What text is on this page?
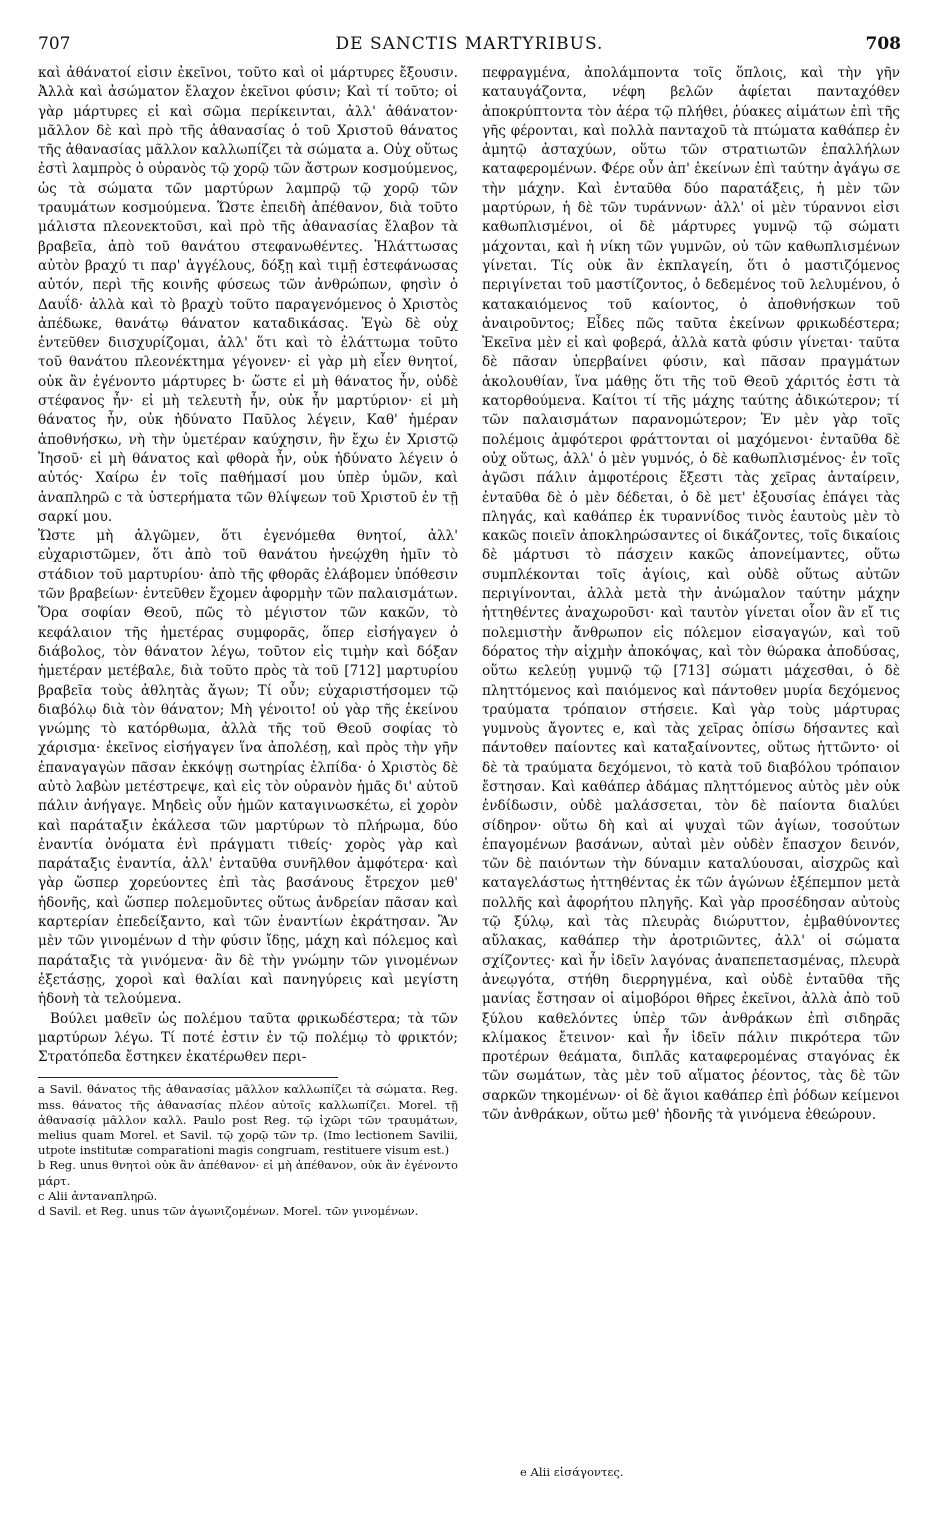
707	DE SANCTIS MARTYRIBUS.	708

καὶ ἀθάνατοί εἰσιν ἐκεῖνοι, τοῦτο καὶ οἱ μάρτυρες ἔξουσιν. Ἀλλὰ καὶ ἀσώματον ἔλαχον ἐκεῖνοι φύσιν; Καὶ τί τοῦτο; οἱ γὰρ μάρτυρες εἰ καὶ σῶμα περίκεινται, ἀλλ' ἀθάνατον· μᾶλλον δὲ καὶ πρὸ τῆς ἀθανασίας ὁ τοῦ Χριστοῦ θάνατος τῆς ἀθανασίας μᾶλλον καλλωπίζει τὰ σώματα a. Οὐχ οὕτως ἐστὶ λαμπρὸς ὁ οὐρανὸς τῷ χορῷ τῶν ἄστρων κοσμούμενος, ὡς τὰ σώματα τῶν μαρτύρων λαμπρῷ τῷ χορῷ τῶν τραυμάτων κοσμούμενα. Ὥστε ἐπειδὴ ἀπέθανον, διὰ τοῦτο μάλιστα πλεονεκτοῦσι, καὶ πρὸ τῆς ἀθανασίας ἔλαβον τὰ βραβεῖα, ἀπὸ τοῦ θανάτου στεφανωθέντες. Ἠλάττωσας αὐτὸν βραχύ τι παρ' ἀγγέλους, δόξῃ καὶ τιμῇ ἐστεφάνωσας αὐτόν, περὶ τῆς κοινῆς φύσεως τῶν ἀνθρώπων, φησὶν ὁ Δαυΐδ· ἀλλὰ καὶ τὸ βραχὺ τοῦτο παραγενόμενος ὁ Χριστὸς ἀπέδωκε, θανάτῳ θάνατον καταδικάσας. Ἐγὼ δὲ οὐχ ἐντεῦθεν διισχυρίζομαι, ἀλλ' ὅτι καὶ τὸ ἐλάττωμα τοῦτο τοῦ θανάτου πλεονέκτημα γέγονεν· εἰ γὰρ μὴ εἶεν θνητοί, οὐκ ἂν ἐγένοντο μάρτυρες b· ὥστε εἰ μὴ θάνατος ἦν, οὐδὲ στέφανος ἦν· εἰ μὴ τελευτὴ ἦν, οὐκ ἦν μαρτύριον· εἰ μὴ θάνατος ἦν, οὐκ ἠδύνατο Παῦλος λέγειν, Καθ' ἡμέραν ἀποθνήσκω, νὴ τὴν ὑμετέραν καύχησιν, ἣν ἔχω ἐν Χριστῷ Ἰησοῦ· εἰ μὴ θάνατος καὶ φθορὰ ἦν, οὐκ ἠδύνατο λέγειν ὁ αὐτός· Χαίρω ἐν τοῖς παθήμασί μου ὑπὲρ ὑμῶν, καὶ ἀναπληρῶ c τὰ ὑστερήματα τῶν θλίψεων τοῦ Χριστοῦ ἐν τῇ σαρκί μου.

Ὥστε μὴ ἀλγῶμεν, ὅτι ἐγενόμεθα θνητοί, ἀλλ' εὐχαριστῶμεν, ὅτι ἀπὸ τοῦ θανάτου ἠνεῴχθη ἡμῖν τὸ στάδιον τοῦ μαρτυρίου· ἀπὸ τῆς φθορᾶς ἐλάβομεν ὑπόθεσιν τῶν βραβείων· ἐντεῦθεν ἔχομεν ἀφορμὴν τῶν παλαισμάτων. Ὅρα σοφίαν Θεοῦ, πῶς τὸ μέγιστον τῶν κακῶν, τὸ κεφάλαιον τῆς ἡμετέρας συμφορᾶς, ὅπερ εἰσήγαγεν ὁ διάβολος, τὸν θάνατον λέγω, τοῦτον εἰς τιμὴν καὶ δόξαν ἡμετέραν μετέβαλε, διὰ τοῦτο πρὸς τὰ τοῦ [712] μαρτυρίου βραβεῖα τοὺς ἀθλητὰς ἄγων; Τί οὖν; εὐχαριστήσομεν τῷ διαβόλῳ διὰ τὸν θάνατον; Μὴ γένοιτο! οὐ γὰρ τῆς ἐκείνου γνώμης τὸ κατόρθωμα, ἀλλὰ τῆς τοῦ Θεοῦ σοφίας τὸ χάρισμα· ἐκεῖνος εἰσήγαγεν ἵνα ἀπολέσῃ, καὶ πρὸς τὴν γῆν ἐπαναγαγὼν πᾶσαν ἐκκόψῃ σωτηρίας ἐλπίδα· ὁ Χριστὸς δὲ αὐτὸ λαβὼν μετέστρεψε, καὶ εἰς τὸν οὐρανὸν ἡμᾶς δι' αὐτοῦ πάλιν ἀνήγαγε. Μηδεὶς οὖν ἡμῶν καταγινωσκέτω, εἰ χορὸν καὶ παράταξιν ἐκάλεσα τῶν μαρτύρων τὸ πλήρωμα, δύο ἐναντία ὀνόματα ἐνὶ πράγματι τιθείς· χορὸς γὰρ καὶ παράταξις ἐναντία, ἀλλ' ἐνταῦθα συνῆλθον ἀμφότερα· καὶ γὰρ ὥσπερ χορεύοντες ἐπὶ τὰς βασάνους ἔτρεχον μεθ' ἡδονῆς, καὶ ὥσπερ πολεμοῦντες οὕτως ἀνδρείαν πᾶσαν καὶ καρτερίαν ἐπεδείξαντο, καὶ τῶν ἐναντίων ἐκράτησαν. Ἂν μὲν τῶν γινομένων d τὴν φύσιν ἴδῃς, μάχη καὶ πόλεμος καὶ παράταξις τὰ γινόμενα· ἂν δὲ τὴν γνώμην τῶν γινομένων ἐξετάσῃς, χοροὶ καὶ θαλίαι καὶ πανηγύρεις καὶ μεγίστη ἡδονὴ τὰ τελούμενα.

Βούλει μαθεῖν ὡς πολέμου ταῦτα φρικωδέστερα; τὰ τῶν μαρτύρων λέγω. Τί ποτέ ἐστιν ἐν τῷ πολέμῳ τὸ φρικτόν; Στρατόπεδα ἔστηκεν ἑκατέρωθεν περι-

a Savil. θάνατος τῆς ἀθανασίας μᾶλλον καλλωπίζει τὰ σώματα. Reg. mss. θάνατος τῆς ἀθανασίας πλέον αὐτοῖς καλλωπίζει. Morel. τῇ ἀθανασίᾳ μᾶλλον καλλ. Paulo post Reg. τῷ ἰχῶρι τῶν τραυμάτων, melius quam Morel. et Savil. τῷ χορῷ τῶν τρ. (Imo lectionem Savilii, utpote institutæ comparationi magis congruam, restituere visum est.)

b Reg. unus θνητοὶ οὐκ ἂν ἀπέθανον· εἰ μὴ ἀπέθανον, οὐκ ἂν ἐγένοντο μάρτ.

c Alii ἀνταναπληρῶ.

d Savil. et Reg. unus τῶν ἀγωνιζομένων. Morel. τῶν γινομένων.

πεφραγμένα, ἀπολάμποντα τοῖς ὅπλοις, καὶ τὴν γῆν καταυγάζοντα, νέφη βελῶν ἀφίεται πανταχόθεν ἀποκρύπτοντα τὸν ἀέρα τῷ πλήθει, ῥύακες αἱμάτων ἐπὶ τῆς γῆς φέρονται, καὶ πολλὰ πανταχοῦ τὰ πτώματα καθάπερ ἐν ἀμητῷ ἀσταχύων, οὕτω τῶν στρατιωτῶν ἐπαλλήλων καταφερομένων. Φέρε οὖν ἀπ' ἐκείνων ἐπὶ ταύτην ἀγάγω σε τὴν μάχην. Καὶ ἐνταῦθα δύο παρατάξεις, ἡ μὲν τῶν μαρτύρων, ἡ δὲ τῶν τυράννων· ἀλλ' οἱ μὲν τύραννοι εἰσι καθωπλισμένοι, οἱ δὲ μάρτυρες γυμνῷ τῷ σώματι μάχονται, καὶ ἡ νίκη τῶν γυμνῶν, οὐ τῶν καθωπλισμένων γίνεται. Τίς οὐκ ἂν ἐκπλαγείη, ὅτι ὁ μαστιζόμενος περιγίνεται τοῦ μαστίζοντος, ὁ δεδεμένος τοῦ λελυμένου, ὁ κατακαιόμενος τοῦ καίοντος, ὁ ἀποθνήσκων τοῦ ἀναιροῦντος; Εἶδες πῶς ταῦτα ἐκείνων φρικωδέστερα; Ἐκεῖνα μὲν εἰ καὶ φοβερά, ἀλλὰ κατὰ φύσιν γίνεται· ταῦτα δὲ πᾶσαν ὑπερβαίνει φύσιν, καὶ πᾶσαν πραγμάτων ἀκολουθίαν, ἵνα μάθῃς ὅτι τῆς τοῦ Θεοῦ χάριτός ἐστι τὰ κατορθούμενα. Καίτοι τί τῆς μάχης ταύτης ἀδικώτερον; τί τῶν παλαισμάτων παρανομώτερον; Ἐν μὲν γὰρ τοῖς πολέμοις ἀμφότεροι φράττονται οἱ μαχόμενοι· ἐνταῦθα δὲ οὐχ οὕτως, ἀλλ' ὁ μὲν γυμνός, ὁ δὲ καθωπλισμένος· ἐν τοῖς ἀγῶσι πάλιν ἀμφοτέροις ἔξεστι τὰς χεῖρας ἀνταίρειν, ἐνταῦθα δὲ ὁ μὲν δέδεται, ὁ δὲ μετ' ἐξουσίας ἐπάγει τὰς πληγάς, καὶ καθάπερ ἐκ τυραννίδος τινὸς ἑαυτοὺς μὲν τὸ κακῶς ποιεῖν ἀποκληρώσαντες οἱ δικάζοντες, τοῖς δικαίοις δὲ μάρτυσι τὸ πάσχειν κακῶς ἀπονείμαντες, οὕτω συμπλέκονται τοῖς ἁγίοις, καὶ οὐδὲ οὕτως αὐτῶν περιγίνονται, ἀλλὰ μετὰ τὴν ἀνώμαλον ταύτην μάχην ἡττηθέντες ἀναχωροῦσι· καὶ ταυτὸν γίνεται οἷον ἂν εἴ τις πολεμιστὴν ἄνθρωπον εἰς πόλεμον εἰσαγαγών, καὶ τοῦ δόρατος τὴν αἰχμὴν ἀποκόψας, καὶ τὸν θώρακα ἀποδύσας, οὕτω κελεύῃ γυμνῷ τῷ [713] σώματι μάχεσθαι, ὁ δὲ πληττόμενος καὶ παιόμενος καὶ πάντοθεν μυρία δεχόμενος τραύματα τρόπαιον στήσειε. Καὶ γὰρ τοὺς μάρτυρας γυμνοὺς ἄγοντες e, καὶ τὰς χεῖρας ὀπίσω δήσαντες καὶ πάντοθεν παίοντες καὶ καταξαίνοντες, οὕτως ἡττῶντο· οἱ δὲ τὰ τραύματα δεχόμενοι, τὸ κατὰ τοῦ διαβόλου τρόπαιον ἔστησαν. Καὶ καθάπερ ἀδάμας πληττόμενος αὐτὸς μὲν οὐκ ἐνδίδωσιν, οὐδὲ μαλάσσεται, τὸν δὲ παίοντα διαλύει σίδηρον· οὕτω δὴ καὶ αἱ ψυχαὶ τῶν ἁγίων, τοσούτων ἐπαγομένων βασάνων, αὐταὶ μὲν οὐδὲν ἔπασχον δεινόν, τῶν δὲ παιόντων τὴν δύναμιν καταλύουσαι, αἰσχρῶς καὶ καταγελάστως ἡττηθέντας ἐκ τῶν ἀγώνων ἐξέπεμπον μετὰ πολλῆς καὶ ἀφορήτου πληγῆς. Καὶ γὰρ προσέδησαν αὐτοὺς τῷ ξύλῳ, καὶ τὰς πλευρὰς διώρυττον, ἐμβαθύνοντες αὔλακας, καθάπερ τὴν ἀροτριῶντες, ἀλλ' οἱ σώματα σχίζοντες· καὶ ἦν ἰδεῖν λαγόνας ἀναπεπετασμένας, πλευρὰ ἀνεῳγότα, στήθη διερρηγμένα, καὶ οὐδὲ ἐνταῦθα τῆς μανίας ἔστησαν οἱ αἱμοβόροι θῆρες ἐκεῖνοι, ἀλλὰ ἀπὸ τοῦ ξύλου καθελόντες ὑπὲρ τῶν ἀνθράκων ἐπὶ σιδηρᾶς κλίμακος ἔτεινον· καὶ ἦν ἰδεῖν πάλιν πικρότερα τῶν προτέρων θεάματα, διπλᾶς καταφερομένας σταγόνας ἐκ τῶν σωμάτων, τὰς μὲν τοῦ αἵματος ῥέοντος, τὰς δὲ τῶν σαρκῶν τηκομένων· οἱ δὲ ἅγιοι καθάπερ ἐπὶ ῥόδων κείμενοι τῶν ἀνθράκων, οὕτω μεθ' ἡδονῆς τὰ γινόμενα ἐθεώρουν.

e Alii εἰσάγοντες.
